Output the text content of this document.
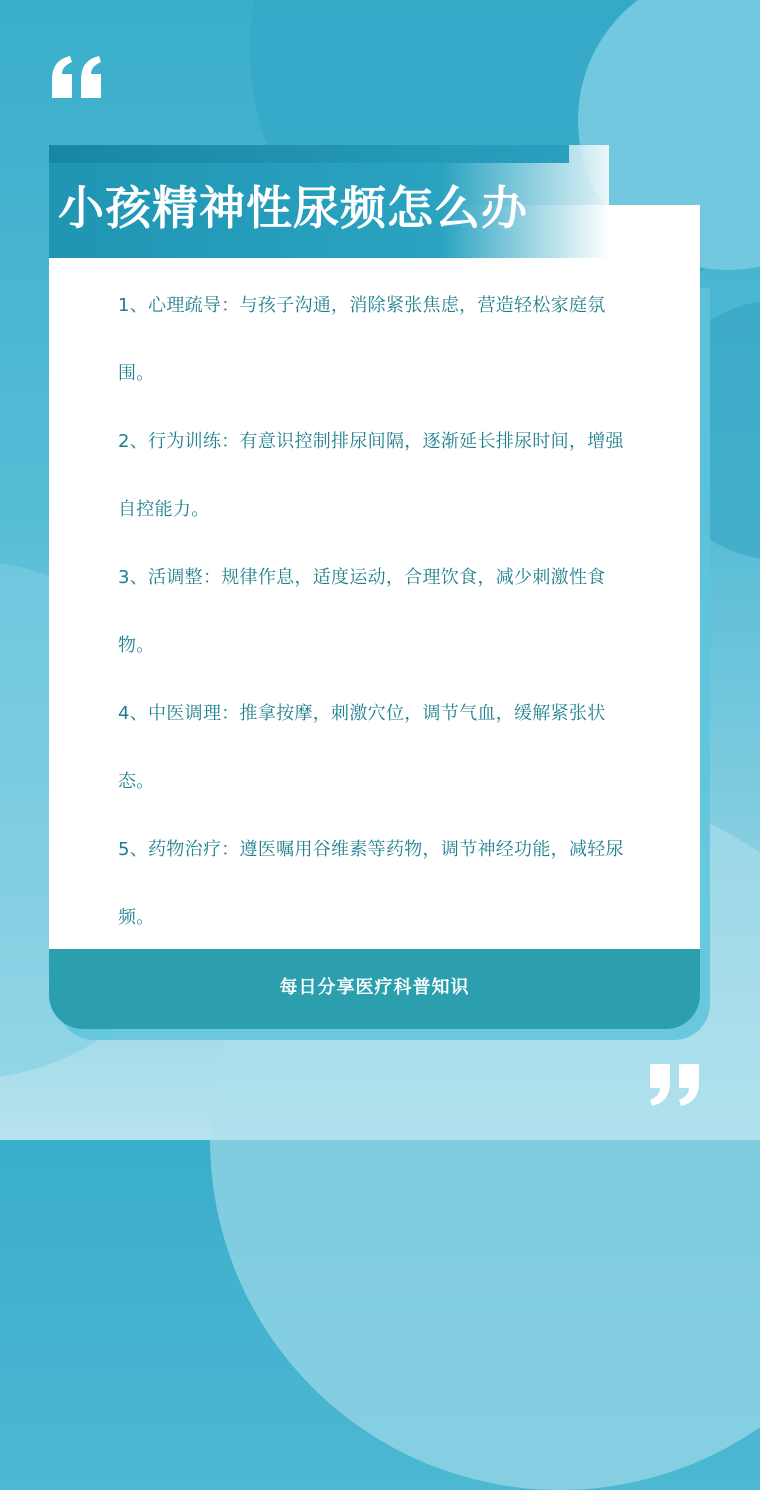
小孩精神性尿频怎么办
1、心理疏导：与孩子沟通，消除紧张焦虑，营造轻松家庭氛围。
2、行为训练：有意识控制排尿间隔，逐渐延长排尿时间，增强自控能力。
3、活调整：规律作息，适度运动，合理饮食，减少刺激性食物。
4、中医调理：推拿按摩，刺激穴位，调节气血，缓解紧张状态。
5、药物治疗：遵医嘱用谷维素等药物，调节神经功能，减轻尿频。
每日分享医疗科普知识
